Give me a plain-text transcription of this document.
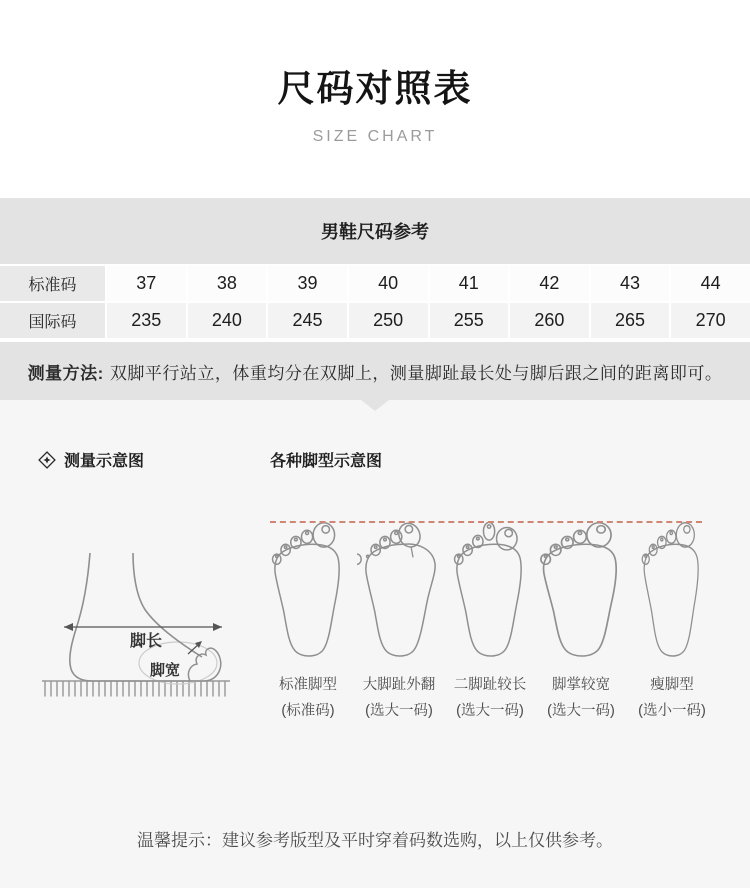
尺码对照表
SIZE CHART
男鞋尺码参考
标准码	37	38	39	40	41	42	43	44
国际码	235	240	245	250	255	260	265	270
测量方法: 双脚平行站立，体重均分在双脚上，测量脚趾最长处与脚后跟之间的距离即可。
测量示意图	各种脚型示意图
脚长
脚宽
标准脚型
(标准码)
大脚趾外翻
(选大一码)
二脚趾较长
(选大一码)
脚掌较宽
(选大一码)
瘦脚型
(选小一码)
温馨提示：建议参考版型及平时穿着码数选购，以上仅供参考。
